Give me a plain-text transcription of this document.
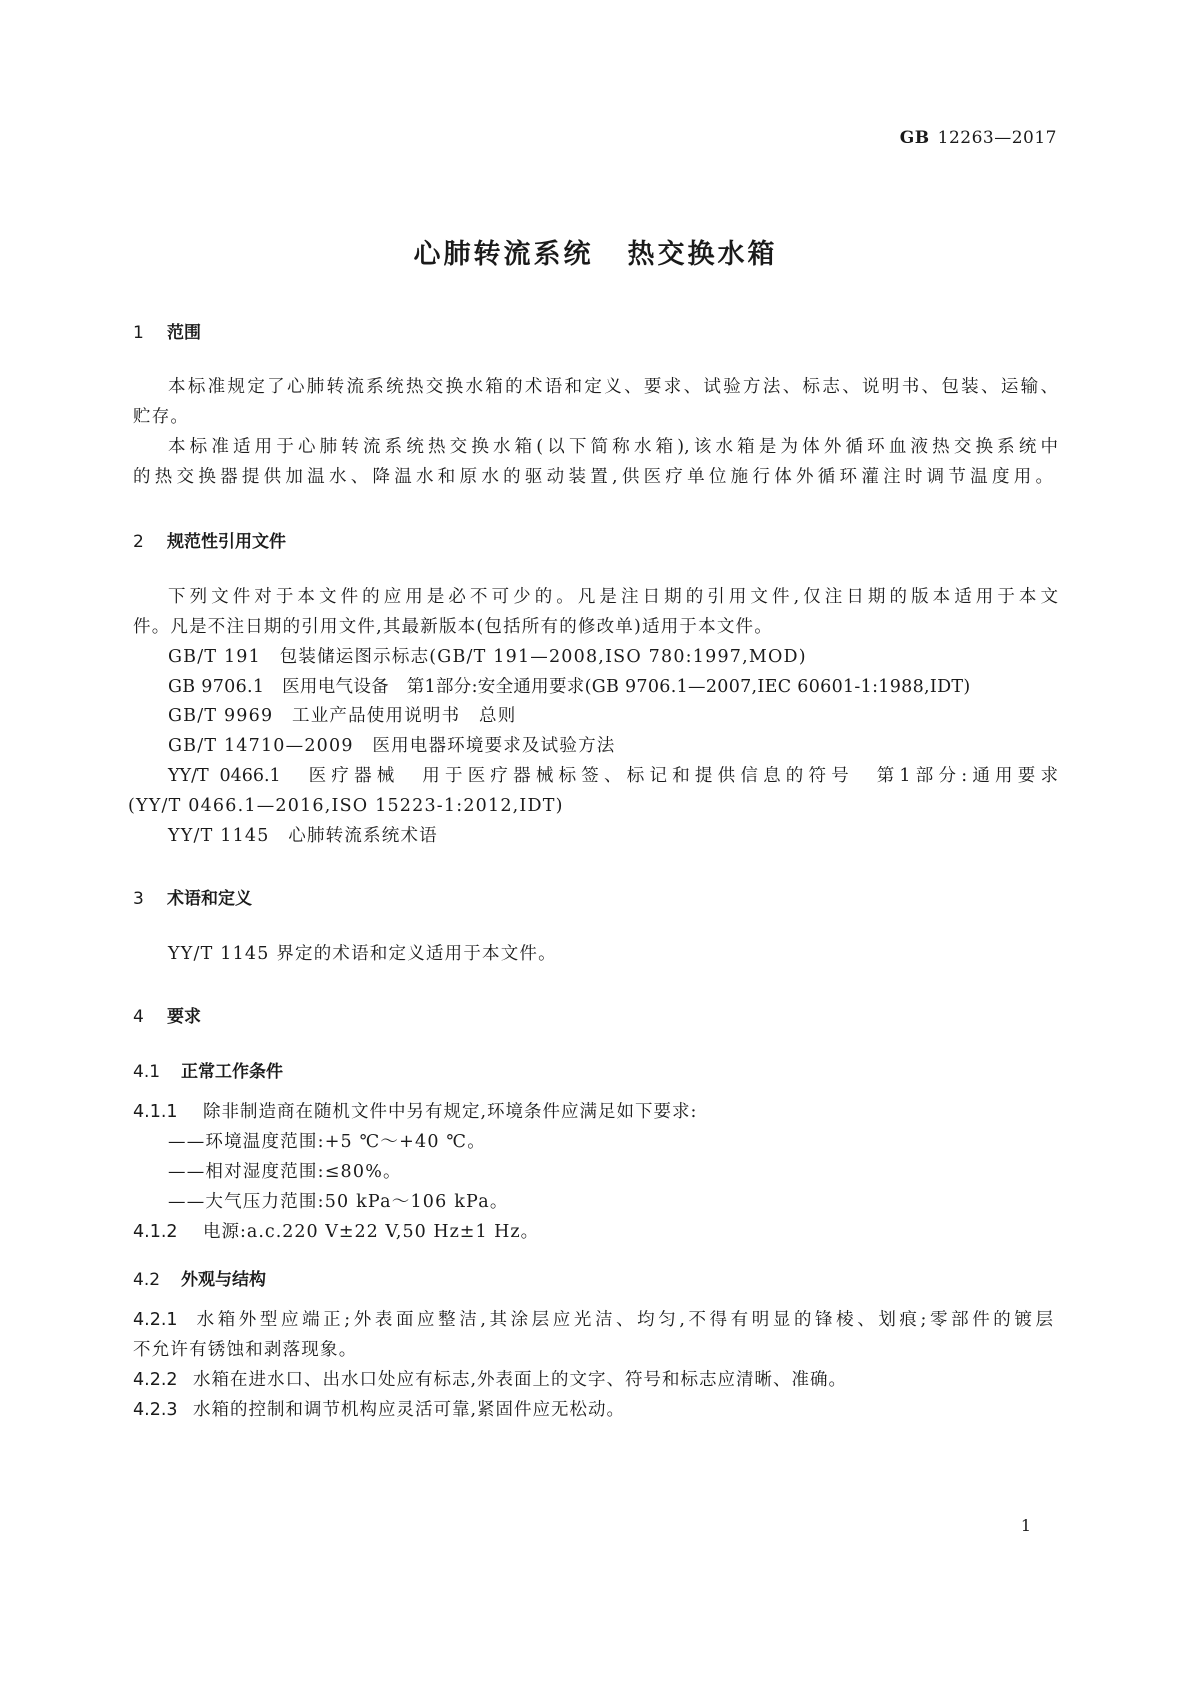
GB 12263—2017
心肺转流系统 热交换水箱
1 范围
本标准规定了心肺转流系统热交换水箱的术语和定义、要求、试验方法、标志、说明书、包装、运输、
贮存。
本标准适用于心肺转流系统热交换水箱(以下简称水箱),该水箱是为体外循环血液热交换系统中
的热交换器提供加温水、降温水和原水的驱动装置,供医疗单位施行体外循环灌注时调节温度用。
2 规范性引用文件
下列文件对于本文件的应用是必不可少的。凡是注日期的引用文件,仅注日期的版本适用于本文
件。凡是不注日期的引用文件,其最新版本(包括所有的修改单)适用于本文件。
GB/T 191　包装储运图示标志(GB/T 191—2008,ISO 780:1997,MOD)
GB 9706.1　医用电气设备　第1部分:安全通用要求(GB 9706.1—2007,IEC 60601-1:1988,IDT)
GB/T 9969　工业产品使用说明书　总则
GB/T 14710—2009　医用电器环境要求及试验方法
YY/T 0466.1　医疗器械　用于医疗器械标签、标记和提供信息的符号　第1部分:通用要求
(YY/T 0466.1—2016,ISO 15223-1:2012,IDT)
YY/T 1145　心肺转流系统术语
3 术语和定义
YY/T 1145 界定的术语和定义适用于本文件。
4 要求
4.1 正常工作条件
4.1.1 除非制造商在随机文件中另有规定,环境条件应满足如下要求:
——环境温度范围:+5 ℃～+40 ℃。
——相对湿度范围:≤80%。
——大气压力范围:50 kPa～106 kPa。
4.1.2 电源:a.c.220 V±22 V,50 Hz±1 Hz。
4.2 外观与结构
4.2.1 水箱外型应端正;外表面应整洁,其涂层应光洁、均匀,不得有明显的锋棱、划痕;零部件的镀层
不允许有锈蚀和剥落现象。
4.2.2 水箱在进水口、出水口处应有标志,外表面上的文字、符号和标志应清晰、准确。
4.2.3 水箱的控制和调节机构应灵活可靠,紧固件应无松动。
1
